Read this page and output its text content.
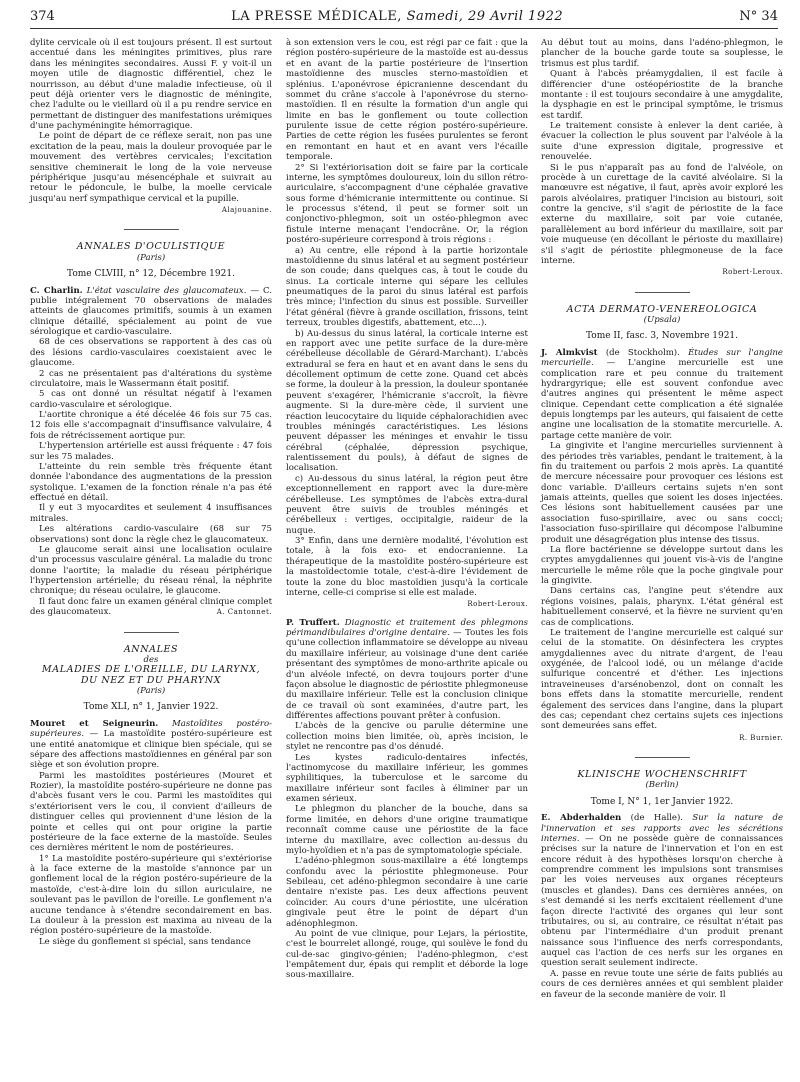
374	LA PRESSE MÉDICALE, Samedi, 29 Avril 1922	N° 34

dylite cervicale où il est toujours présent. Il est surtout accentué dans les méningites primitives, plus rare dans les méningites secondaires. Aussi F. y voit-il un moyen utile de diagnostic différentiel, chez le nourrisson, au début d'une maladie infectieuse, où il peut déjà orienter vers le diagnostic de méningite, chez l'adulte ou le vieillard où il a pu rendre service en permettant de distinguer des manifestations urémiques d'une pachyméningite hémorragique.

Le point de départ de ce réflexe serait, non pas une excitation de la peau, mais la douleur provoquée par le mouvement des vertèbres cervicales; l'excitation sensitive cheminerait le long de la voie nerveuse périphérique jusqu'au mésencéphale et suivrait au retour le pédoncule, le bulbe, la moelle cervicale jusqu'au nerf sympathique cervical et la pupille.

Alajouanine.

ANNALES D'OCULISTIQUE

(Paris)

Tome CLVIII, n° 12, Décembre 1921.

C. Charlin. L'état vasculaire des glaucomateux. — C. publie intégralement 70 observations de malades atteints de glaucomes primitifs, soumis à un examen clinique détaillé, spécialement au point de vue sérologique et cardio-vasculaire.

68 de ces observations se rapportent à des cas où des lésions cardio-vasculaires coexistaient avec le glaucome.

2 cas ne présentaient pas d'altérations du système circulatoire, mais le Wassermann était positif.

5 cas ont donné un résultat négatif à l'examen cardio-vasculaire et sérologique.

L'aortite chronique a été décelée 46 fois sur 75 cas. 12 fois elle s'accompagnait d'insuffisance valvulaire, 4 fois de rétrécissement aortique pur.

L'hypertension artérielle est aussi fréquente : 47 fois sur les 75 malades.

L'atteinte du rein semble très fréquente étant donnée l'abondance des augmentations de la pression systolique. L'examen de la fonction rénale n'a pas été effectué en détail.

Il y eut 3 myocardites et seulement 4 insuffisances mitrales.

Les altérations cardio-vasculaire (68 sur 75 observations) sont donc la règle chez le glaucomateux.

Le glaucome serait ainsi une localisation oculaire d'un processus vasculaire général. La maladie du tronc donne l'aortite; la maladie du réseau périphérique l'hypertension artérielle; du réseau rénal, la néphrite chronique; du réseau oculaire, le glaucome.

Il faut donc faire un examen général clinique complet des glaucomateux.	A. Cantonnet.

ANNALES

des

MALADIES DE L'OREILLE, DU LARYNX,

DU NEZ ET DU PHARYNX

(Paris)

Tome XLI, n° 1, Janvier 1922.

Mouret et Seigneurin. Mastoïdites postéro-supérieures. — La mastoïdite postéro-supérieure est une entité anatomique et clinique bien spéciale, qui se sépare des affections mastoïdiennes en général par son siège et son évolution propre.

Parmi les mastoïdites postérieures (Mouret et Rozier), la mastoïdite postéro-supérieure ne donne pas d'abcès fusant vers le cou. Parmi les mastoïdites qui s'extériorisent vers le cou, il convient d'ailleurs de distinguer celles qui proviennent d'une lésion de la pointe et celles qui ont pour origine la partie postérieure de la face externe de la mastoïde. Seules ces dernières méritent le nom de postérieures.

1° La mastoïdite postéro-supérieure qui s'extériorise à la face externe de la mastoïde s'annonce par un gonflement local de la région postéro-supérieure de la mastoïde, c'est-à-dire loin du sillon auriculaire, ne soulevant pas le pavillon de l'oreille. Le gonflement n'a aucune tendance à s'étendre secondairement en bas. La douleur à la pression est maxima au niveau de la région postéro-supérieure de la mastoïde.

Le siège du gonflement si spécial, sans tendance

à son extension vers le cou, est régi par ce fait : que la région postéro-supérieure de la mastoïde est au-dessus et en avant de la partie postérieure de l'insertion mastoïdienne des muscles sterno-mastoïdien et splénius. L'aponévrose épicranienne descendant du sommet du crâne s'accole à l'aponévrose du sterno-mastoïdien. Il en résulte la formation d'un angle qui limite en bas le gonflement ou toute collection purulente issue de cette région postéro-supérieure. Parties de cette région les fusées purulentes se feront en remontant en haut et en avant vers l'écaille temporale.

2° Si l'extériorisation doit se faire par la corticale interne, les symptômes douloureux, loin du sillon rétro-auriculaire, s'accompagnent d'une céphalée gravative sous forme d'hémicranie intermittente ou continue. Si le processus s'étend, il peut se former soit un conjonctivo-phlegmon, soit un ostéo-phlegmon avec fistule interne menaçant l'endocrâne. Or, la région postéro-supérieure correspond à trois régions :

a) Au centre, elle répond à la partie horizontale mastoïdienne du sinus latéral et au segment postérieur de son coude; dans quelques cas, à tout le coude du sinus. La corticale interne qui sépare les cellules pneumatiques de la paroi du sinus latéral est parfois très mince; l'infection du sinus est possible. Surveiller l'état général (fièvre à grande oscillation, frissons, teint terreux, troubles digestifs, abattement, etc...).

b) Au-dessus du sinus latéral, la corticale interne est en rapport avec une petite surface de la dure-mère cérébelleuse décollable de Gérard-Marchant). L'abcès extradural se fera en haut et en avant dans le sens du décollement optimum de cette zone. Quand cet abcès se forme, la douleur à la pression, la douleur spontanée peuvent s'exagérer, l'hémicranie s'accroît, la fièvre augmente. Si la dure-mère cède, il survient une réaction leucocytaire du liquide céphalorachidien avec troubles méningés caractéristiques. Les lésions peuvent dépasser les méninges et envahir le tissu cérébral (céphalée, dépression psychique, ralentissement du pouls), à défaut de signes de localisation.

c) Au-dessous du sinus latéral, la région peut être exceptionnellement en rapport avec la dure-mère cérébelleuse. Les symptômes de l'abcès extra-dural peuvent être suivis de troubles méningés et cérébelleux : vertiges, occipitalgie, raideur de la nuque.

3° Enfin, dans une dernière modalité, l'évolution est totale, à la fois exo- et endocranienne. La thérapeutique de la mastoïdite postéro-supérieure est la mastoïdectomie totale, c'est-à-dire l'évidement de toute la zone du bloc mastoïdien jusqu'à la corticale interne, celle-ci comprise si elle est malade.

Robert-Leroux.

P. Truffert. Diagnostic et traitement des phlegmons périmandibulaires d'origine dentaire. — Toutes les fois qu'une collection inflammatoire se développe au niveau du maxillaire inférieur, au voisinage d'une dent cariée présentant des symptômes de mono-arthrite apicale ou d'un alvéole infecté, on devra toujours porter d'une façon absolue le diagnostic de périostite phlegmoneuse du maxillaire inférieur. Telle est la conclusion clinique de ce travail où sont examinées, d'autre part, les différentes affections pouvant prêter à confusion.

L'abcès de la gencive ou parulie détermine une collection moins bien limitée, où, après incision, le stylet ne rencontre pas d'os dénudé.

Les kystes radiculo-dentaires infectés, l'actinomycose du maxillaire inférieur, les gommes syphilitiques, la tuberculose et le sarcome du maxillaire inférieur sont faciles à éliminer par un examen sérieux.

Le phlegmon du plancher de la bouche, dans sa forme limitée, en dehors d'une origine traumatique reconnaît comme cause une périostite de la face interne du maxillaire, avec collection au-dessus du mylo-hyoïdien et n'a pas de symptomatologie spéciale.

L'adéno-phlegmon sous-maxillaire a été longtemps confondu avec la périostite phlegmoneuse. Pour Sebileau, cet adéno-phlegmon secondaire à une carie dentaire n'existe pas. Les deux affections peuvent coïncider. Au cours d'une périostite, une ulcération gingivale peut être le point de départ d'un adénophlegmon.

Au point de vue clinique, pour Lejars, la périostite, c'est le bourrelet allongé, rouge, qui soulève le fond du cul-de-sac gingivo-génien; l'adéno-phlegmon, c'est l'empâtement dur, épais qui remplit et déborde la loge sous-maxillaire.

Au début tout au moins, dans l'adéno-phlegmon, le plancher de la bouche garde toute sa souplesse, le trismus est plus tardif.

Quant à l'abcès préamygdalien, il est facile à différencier d'une ostéopériostite de la branche montante : il est toujours secondaire à une amygdalite, la dysphagie en est le principal symptôme, le trismus est tardif.

Le traitement consiste à enlever la dent cariée, à évacuer la collection le plus souvent par l'alvéole à la suite d'une expression digitale, progressive et renouvelée.

Si le pus n'apparaît pas au fond de l'alvéole, on procède à un curettage de la cavité alvéolaire. Si la manœuvre est négative, il faut, après avoir exploré les parois alvéolaires, pratiquer l'incision au bistouri, soit contre la gencive, s'il s'agit de périostite de la face externe du maxillaire, soit par voie cutanée, parallèlement au bord inférieur du maxillaire, soit par voie muqueuse (en décollant le périoste du maxillaire) s'il s'agit de périostite phlegmoneuse de la face interne.

Robert-Leroux.

ACTA DERMATO-VENEREOLOGICA

(Upsala)

Tome II, fasc. 3, Novembre 1921.

J. Almkvist (de Stockholm). Études sur l'angine mercurielle. — L'angine mercurielle est une complication rare et peu connue du traitement hydrargyrique; elle est souvent confondue avec d'autres angines qui présentent le même aspect clinique. Cependant cette complication a été signalée depuis longtemps par les auteurs, qui faisaient de cette angine une localisation de la stomatite mercurielle. A. partage cette manière de voir.

La gingivite et l'angine mercurielles surviennent à des périodes très variables, pendant le traitement, à la fin du traitement ou parfois 2 mois après. La quantité de mercure nécessaire pour provoquer ces lésions est donc variable. D'ailleurs certains sujets n'en sont jamais atteints, quelles que soient les doses injectées. Ces lésions sont habituellement causées par une association fuso-spirillaire, avec ou sans cocci; l'association fuso-spirillaire qui décompose l'albumine produit une désagrégation plus intense des tissus.

La flore bactérienne se développe surtout dans les cryptes amygdaliennes qui jouent vis-à-vis de l'angine mercurielle le même rôle que la poche gingivale pour la gingivite.

Dans certains cas, l'angine peut s'étendre aux régions voisines, palais, pharynx. L'état général est habituellement conservé, et la fièvre ne survient qu'en cas de complications.

Le traitement de l'angine mercurielle est calqué sur celui de la stomatite. On désinfectera les cryptes amygdaliennes avec du nitrate d'argent, de l'eau oxygénée, de l'alcool iodé, ou un mélange d'acide sulfurique concentré et d'éther. Les injections intraveineuses d'arsénobenzol, dont on connaît les bons effets dans la stomatite mercurielle, rendent également des services dans l'angine, dans la plupart des cas; cependant chez certains sujets ces injections sont demeurées sans effet.

R. Burnier.

KLINISCHE WOCHENSCHRIFT

(Berlin)

Tome I, N° 1, 1er Janvier 1922.

E. Abderhalden (de Halle). Sur la nature de l'innervation et ses rapports avec les sécrétions internes. — On ne possède guère de connaissances précises sur la nature de l'innervation et l'on en est encore réduit à des hypothèses lorsqu'on cherche à comprendre comment les impulsions sont transmises par les voies nerveuses aux organes récepteurs (muscles et glandes). Dans ces dernières années, on s'est demandé si les nerfs excitaient réellement d'une façon directe l'activité des organes qui leur sont tributaires, ou si, au contraire, ce résultat n'était pas obtenu par l'intermédiaire d'un produit prenant naissance sous l'influence des nerfs correspondants, auquel cas l'action de ces nerfs sur les organes en question serait seulement indirecte.

A. passe en revue toute une série de faits publiés au cours de ces dernières années et qui semblent plaider en faveur de la seconde manière de voir. Il
